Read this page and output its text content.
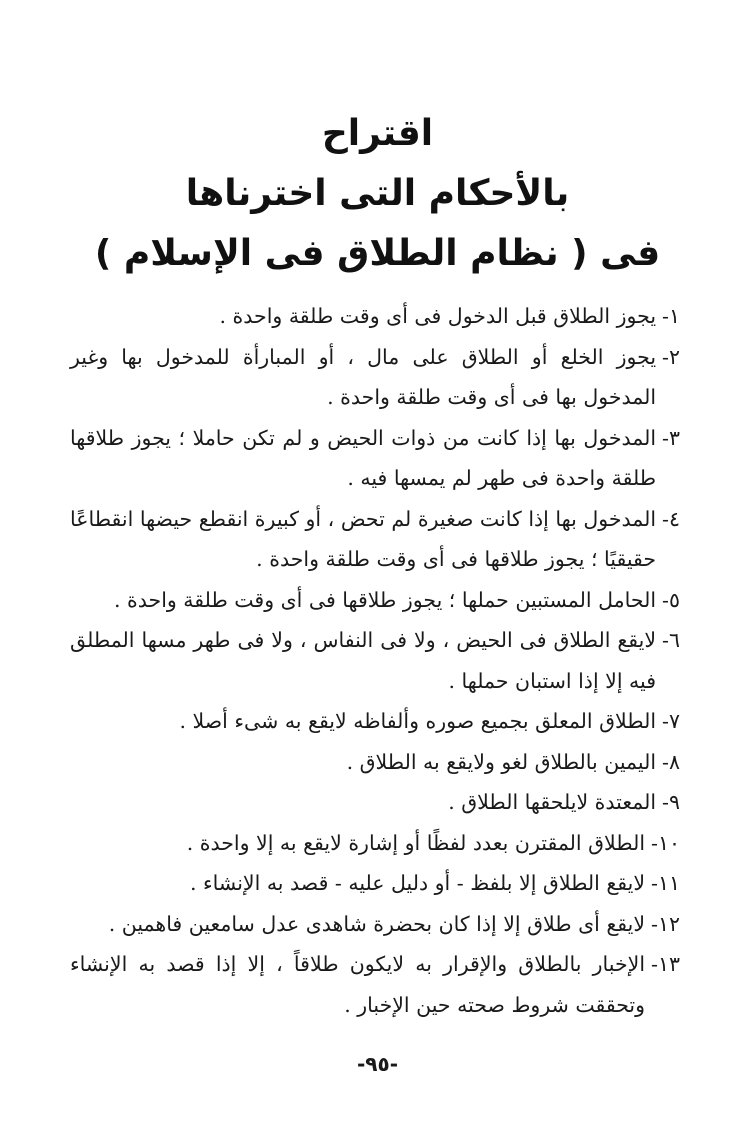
اقتراح
بالأحكام التى اخترناها
فى ( نظام الطلاق فى الإسلام )
١-
يجوز الطلاق قبل الدخول فى أى وقت طلقة واحدة .
٢-
يجوز الخلع أو الطلاق على مال ، أو المبارأة للمدخول بها وغير المدخول بها فى أى وقت طلقة واحدة .
٣-
المدخول بها إذا كانت من ذوات الحيض و لم تكن حاملا ؛ يجوز طلاقها طلقة واحدة فى طهر لم يمسها فيه .
٤-
المدخول بها إذا كانت صغيرة لم تحض ، أو كبيرة انقطع حيضها انقطاعًا حقيقيًا ؛ يجوز طلاقها فى أى وقت طلقة واحدة .
٥-
الحامل المستبين حملها ؛ يجوز طلاقها فى أى وقت طلقة واحدة .
٦-
لايقع الطلاق فى الحيض ، ولا فى النفاس ، ولا فى طهر مسها المطلق فيه إلا إذا استبان حملها .
٧-
الطلاق المعلق بجميع صوره وألفاظه لايقع به شىء أصلا .
٨-
اليمين بالطلاق لغو ولايقع به الطلاق .
٩-
المعتدة لايلحقها الطلاق .
١٠-
الطلاق المقترن بعدد لفظًا أو إشارة لايقع به إلا واحدة .
١١-
لايقع الطلاق إلا بلفظ - أو دليل عليه - قصد به الإنشاء .
١٢-
لايقع أى طلاق إلا إذا كان بحضرة شاهدى عدل سامعين فاهمين .
١٣-
الإخبار بالطلاق والإقرار به لايكون طلاقاً ، إلا إذا قصد به الإنشاء وتحققت شروط صحته حين الإخبار .
-٩٥-
